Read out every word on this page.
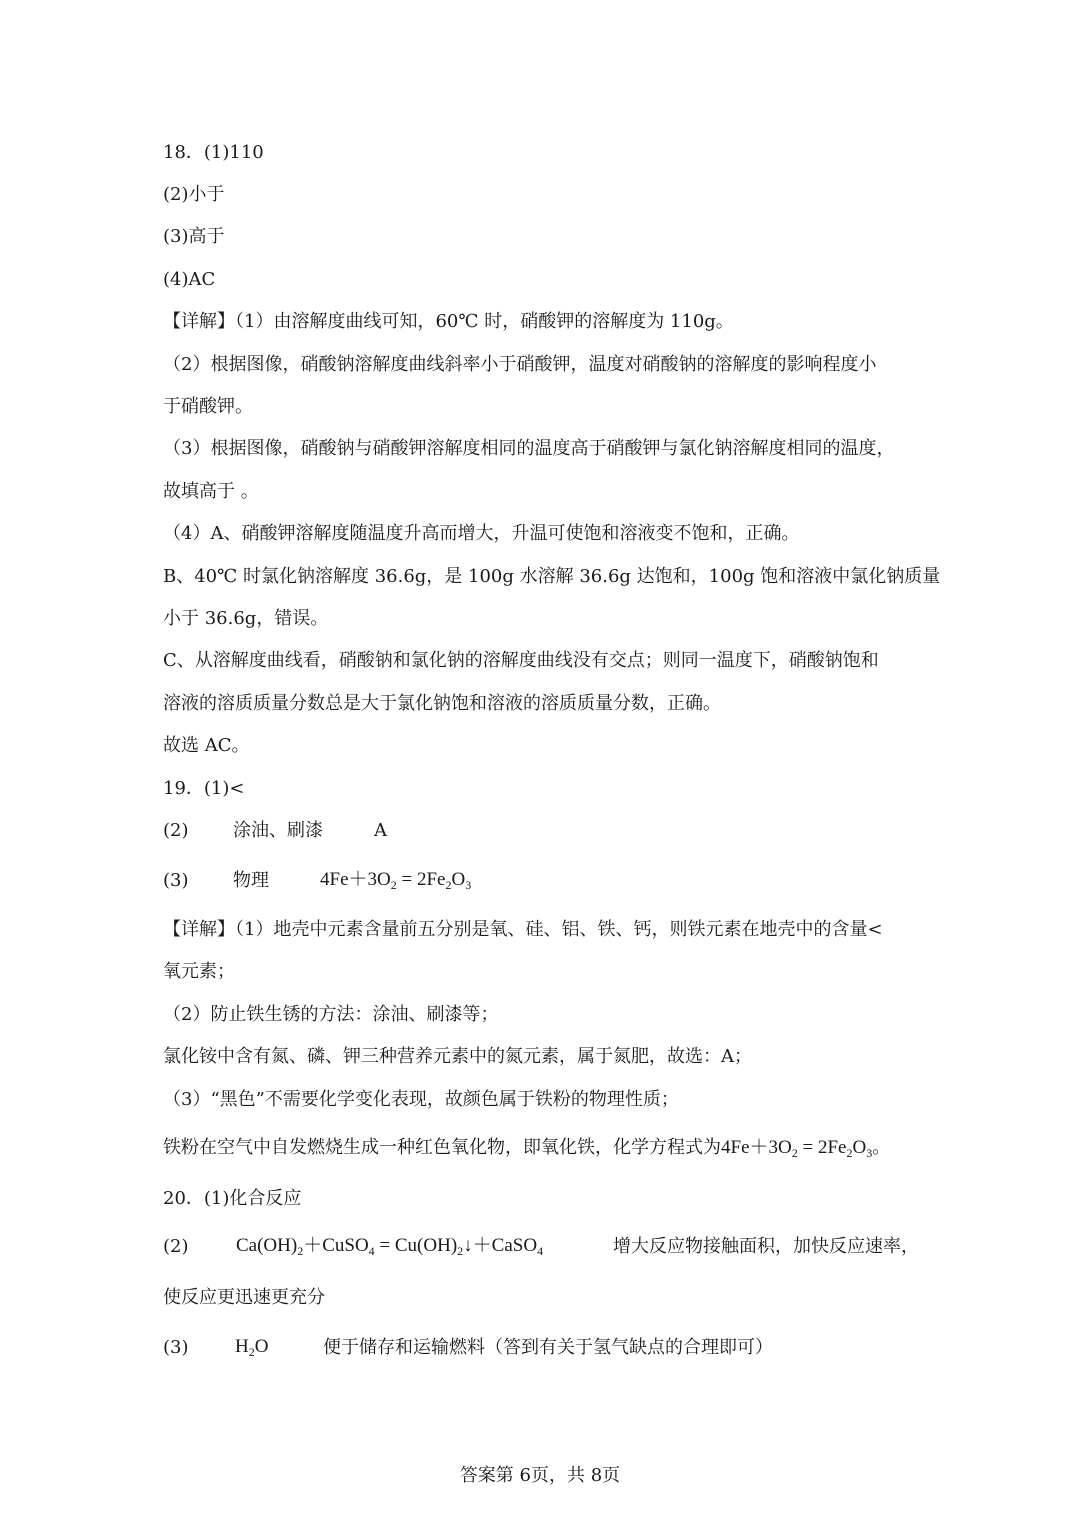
18．(1)110
(2)小于
(3)高于
(4)AC
【详解】（1）由溶解度曲线可知，60℃ 时，硝酸钾的溶解度为 110g。
（2）根据图像，硝酸钠溶解度曲线斜率小于硝酸钾，温度对硝酸钠的溶解度的影响程度小
于硝酸钾。
（3）根据图像，硝酸钠与硝酸钾溶解度相同的温度高于硝酸钾与氯化钠溶解度相同的温度，
故填高于 。
（4）A、硝酸钾溶解度随温度升高而增大，升温可使饱和溶液变不饱和，正确。
B、40℃ 时氯化钠溶解度 36.6g，是 100g 水溶解 36.6g 达饱和，100g 饱和溶液中氯化钠质量
小于 36.6g，错误。
C、从溶解度曲线看，硝酸钠和氯化钠的溶解度曲线没有交点；则同一温度下，硝酸钠饱和
溶液的溶质质量分数总是大于氯化钠饱和溶液的溶质质量分数，正确。
故选 AC。
19．(1)<
(2) 涂油、刷漆	A
(3) 物理	$4Fe+3O_2 = 2Fe_2O_3$
【详解】（1）地壳中元素含量前五分别是氧、硅、铝、铁、钙，则铁元素在地壳中的含量<
氧元素；
（2）防止铁生锈的方法：涂油、刷漆等；
氯化铵中含有氮、磷、钾三种营养元素中的氮元素，属于氮肥，故选：A；
（3）“黑色”不需要化学变化表现，故颜色属于铁粉的物理性质；
铁粉在空气中自发燃烧生成一种红色氧化物，即氧化铁，化学方程式为$4Fe+3O_2 = 2Fe_2O_3$。
20．(1)化合反应
(2)	$Ca(OH)_2+CuSO_4$ = $Cu(OH)_2↓+CaSO_4$	增大反应物接触面积，加快反应速率，
使反应更迅速更充分
(3) $H_2O$	便于储存和运输燃料（答到有关于氢气缺点的合理即可）
答案第 6页，共 8页
